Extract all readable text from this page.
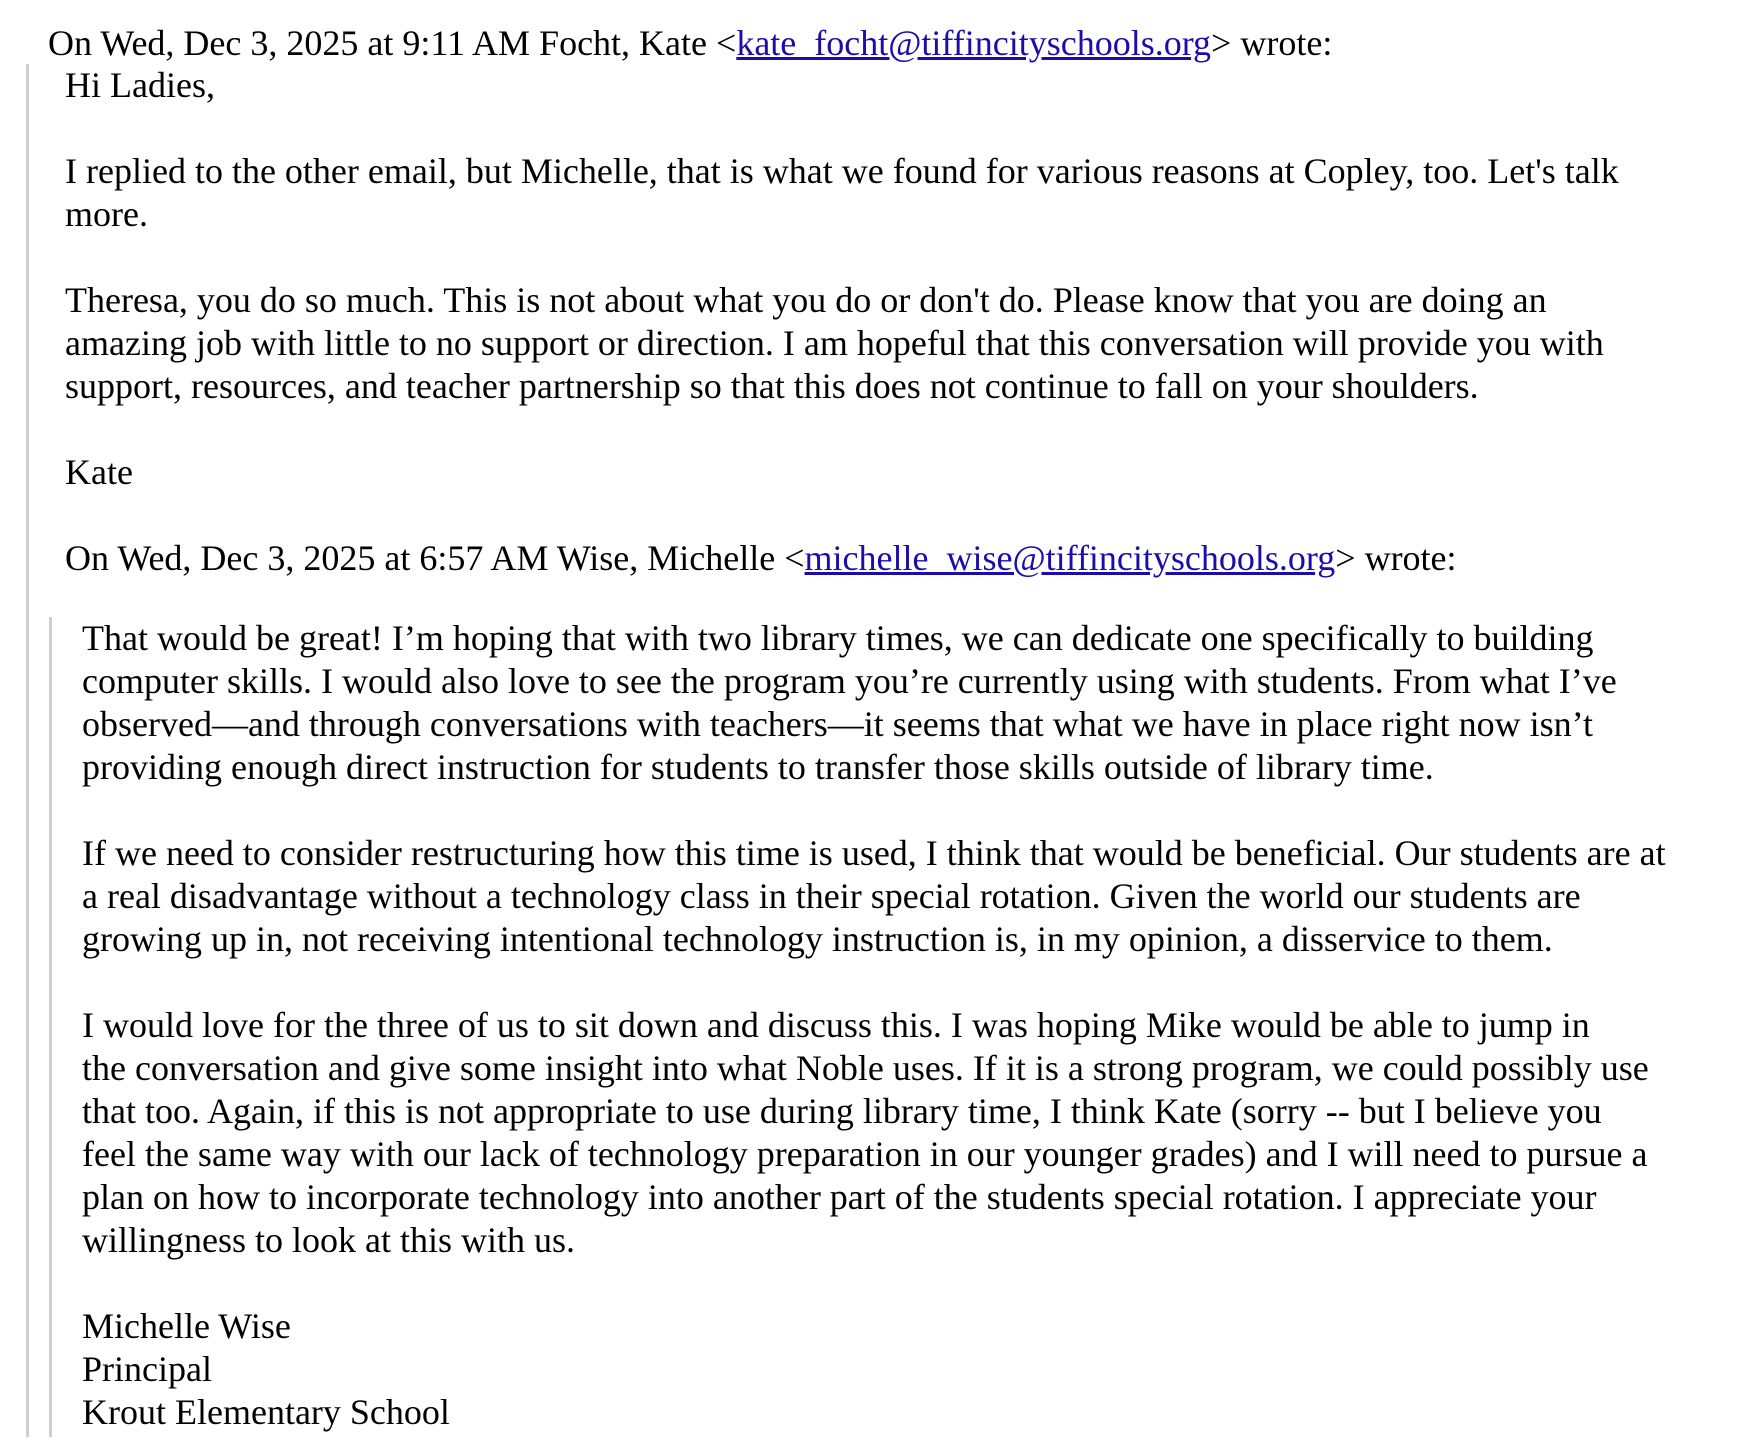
On Wed, Dec 3, 2025 at 9:11 AM Focht, Kate <kate_focht@tiffincityschools.org> wrote:
Hi Ladies,
I replied to the other email, but Michelle, that is what we found for various reasons at Copley, too. Let's talk
more.
Theresa, you do so much. This is not about what you do or don't do. Please know that you are doing an
amazing job with little to no support or direction. I am hopeful that this conversation will provide you with
support, resources, and teacher partnership so that this does not continue to fall on your shoulders.
Kate
On Wed, Dec 3, 2025 at 6:57 AM Wise, Michelle <michelle_wise@tiffincityschools.org> wrote:
That would be great! I’m hoping that with two library times, we can dedicate one specifically to building
computer skills. I would also love to see the program you’re currently using with students. From what I’ve
observed—and through conversations with teachers—it seems that what we have in place right now isn’t
providing enough direct instruction for students to transfer those skills outside of library time.
If we need to consider restructuring how this time is used, I think that would be beneficial. Our students are at
a real disadvantage without a technology class in their special rotation. Given the world our students are
growing up in, not receiving intentional technology instruction is, in my opinion, a disservice to them.
I would love for the three of us to sit down and discuss this. I was hoping Mike would be able to jump in
the conversation and give some insight into what Noble uses. If it is a strong program, we could possibly use
that too. Again, if this is not appropriate to use during library time, I think Kate (sorry -- but I believe you
feel the same way with our lack of technology preparation in our younger grades) and I will need to pursue a
plan on how to incorporate technology into another part of the students special rotation. I appreciate your
willingness to look at this with us.
Michelle Wise
Principal
Krout Elementary School
